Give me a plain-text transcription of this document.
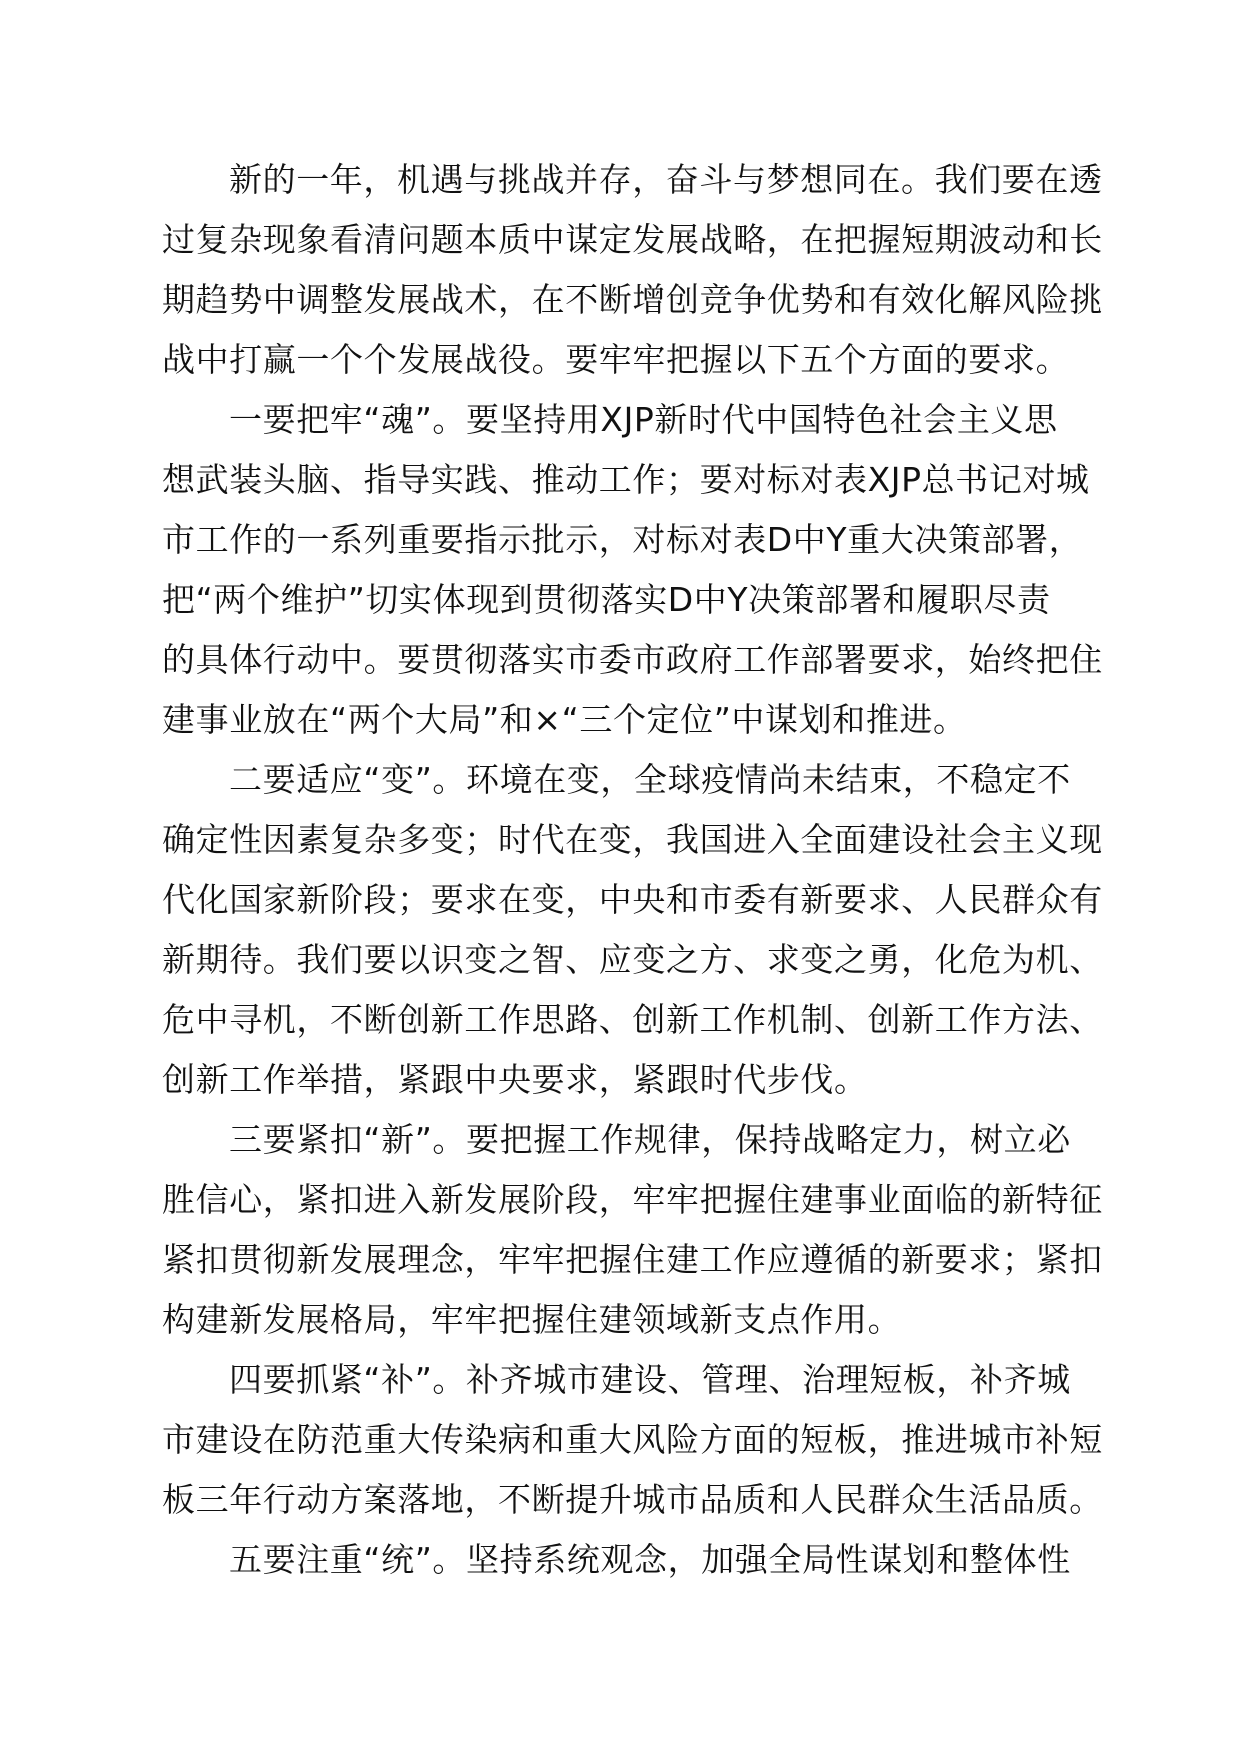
新的一年，机遇与挑战并存，奋斗与梦想同在。我们要在透
过复杂现象看清问题本质中谋定发展战略，在把握短期波动和长
期趋势中调整发展战术，在不断增创竞争优势和有效化解风险挑
战中打赢一个个发展战役。要牢牢把握以下五个方面的要求。
一要把牢“魂”。要坚持用XJP新时代中国特色社会主义思
想武装头脑、指导实践、推动工作；要对标对表XJP总书记对城
市工作的一系列重要指示批示，对标对表D中Y重大决策部署，
把“两个维护”切实体现到贯彻落实D中Y决策部署和履职尽责
的具体行动中。要贯彻落实市委市政府工作部署要求，始终把住
建事业放在“两个大局”和×“三个定位”中谋划和推进。
二要适应“变”。环境在变，全球疫情尚未结束，不稳定不
确定性因素复杂多变；时代在变，我国进入全面建设社会主义现
代化国家新阶段；要求在变，中央和市委有新要求、人民群众有
新期待。我们要以识变之智、应变之方、求变之勇，化危为机、
危中寻机，不断创新工作思路、创新工作机制、创新工作方法、
创新工作举措，紧跟中央要求，紧跟时代步伐。
三要紧扣“新”。要把握工作规律，保持战略定力，树立必
胜信心，紧扣进入新发展阶段，牢牢把握住建事业面临的新特征
紧扣贯彻新发展理念，牢牢把握住建工作应遵循的新要求；紧扣
构建新发展格局，牢牢把握住建领域新支点作用。
四要抓紧“补”。补齐城市建设、管理、治理短板，补齐城
市建设在防范重大传染病和重大风险方面的短板，推进城市补短
板三年行动方案落地，不断提升城市品质和人民群众生活品质。
五要注重“统”。坚持系统观念，加强全局性谋划和整体性
